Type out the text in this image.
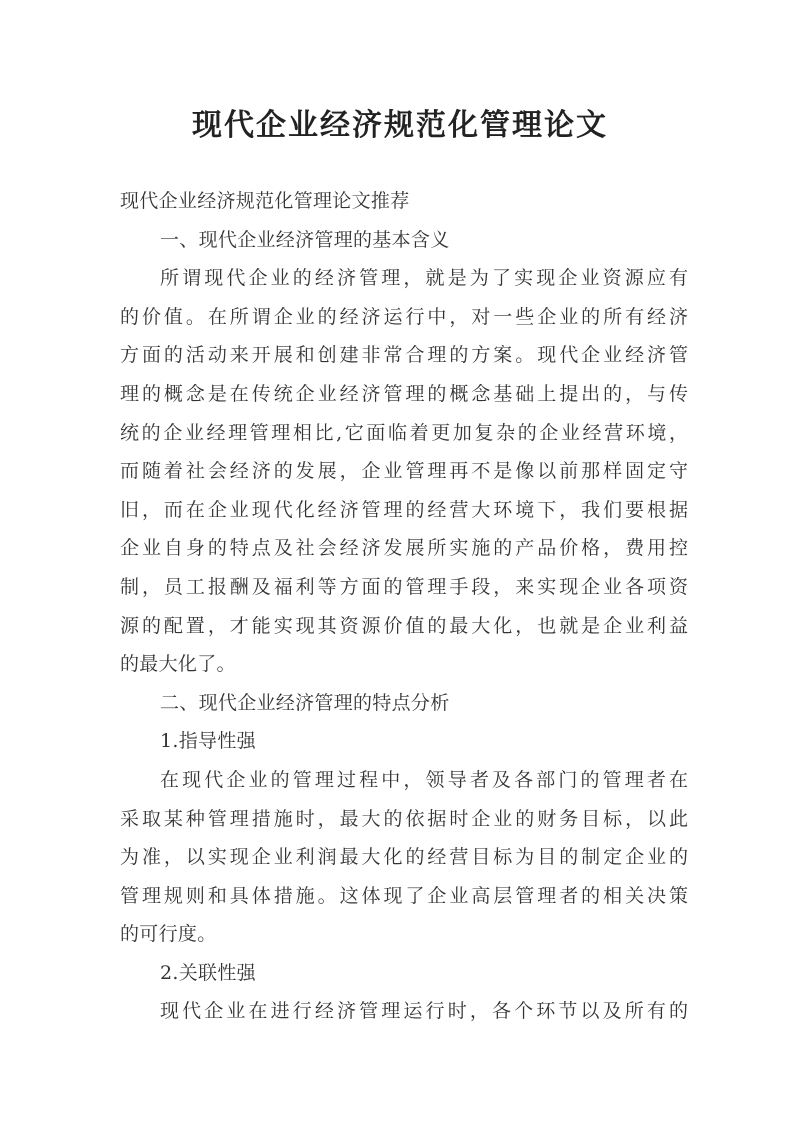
现代企业经济规范化管理论文
现代企业经济规范化管理论文推荐
一、现代企业经济管理的基本含义
所谓现代企业的经济管理，就是为了实现企业资源应有
的价值。在所谓企业的经济运行中，对一些企业的所有经济
方面的活动来开展和创建非常合理的方案。现代企业经济管
理的概念是在传统企业经济管理的概念基础上提出的，与传
统的企业经理管理相比,它面临着更加复杂的企业经营环境，
而随着社会经济的发展，企业管理再不是像以前那样固定守
旧，而在企业现代化经济管理的经营大环境下，我们要根据
企业自身的特点及社会经济发展所实施的产品价格，费用控
制，员工报酬及福利等方面的管理手段，来实现企业各项资
源的配置，才能实现其资源价值的最大化，也就是企业利益
的最大化了。
二、现代企业经济管理的特点分析
1.指导性强
在现代企业的管理过程中，领导者及各部门的管理者在
采取某种管理措施时，最大的依据时企业的财务目标，以此
为准，以实现企业利润最大化的经营目标为目的制定企业的
管理规则和具体措施。这体现了企业高层管理者的相关决策
的可行度。
2.关联性强
现代企业在进行经济管理运行时，各个环节以及所有的
